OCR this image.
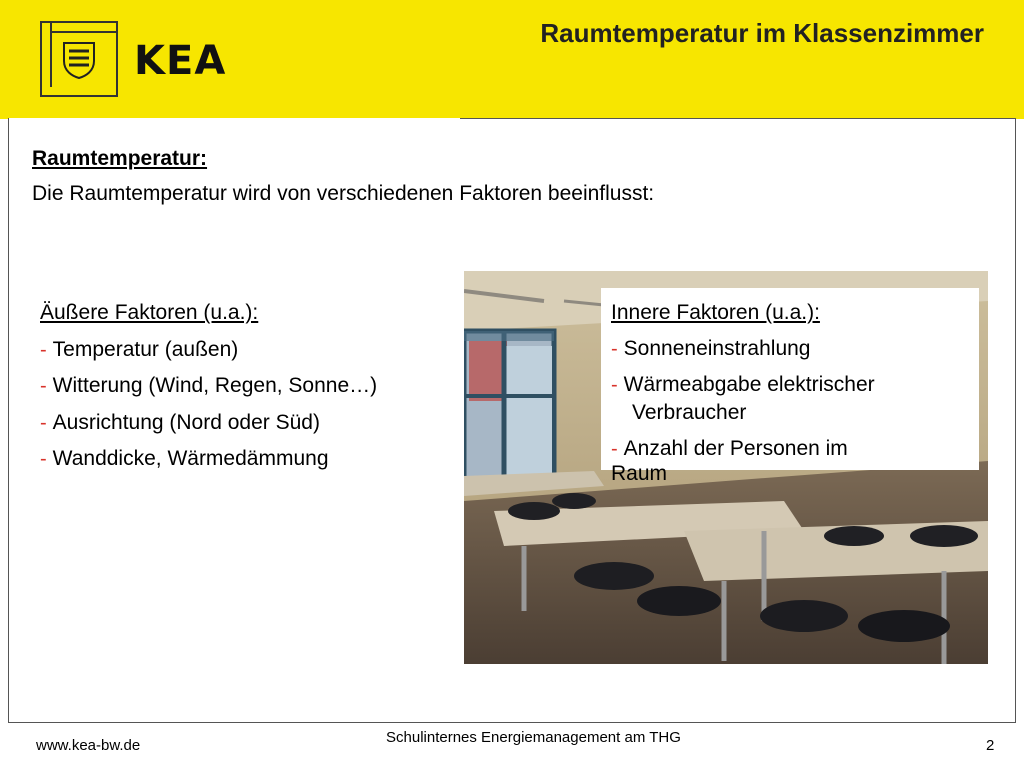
KEA
Raumtemperatur im Klassenzimmer
Raumtemperatur:
Die Raumtemperatur wird von verschiedenen Faktoren beeinflusst:
Äußere Faktoren (u.a.):
- Temperatur (außen)
- Witterung (Wind, Regen, Sonne…)
- Ausrichtung (Nord oder Süd)
- Wanddicke, Wärmedämmung
Innere Faktoren (u.a.):
- Sonneneinstrahlung
- Wärmeabgabe elektrischer
Verbraucher
- Anzahl der Personen im
Raum
www.kea-bw.de	Schulinternes Energiemanagement am THG	2
